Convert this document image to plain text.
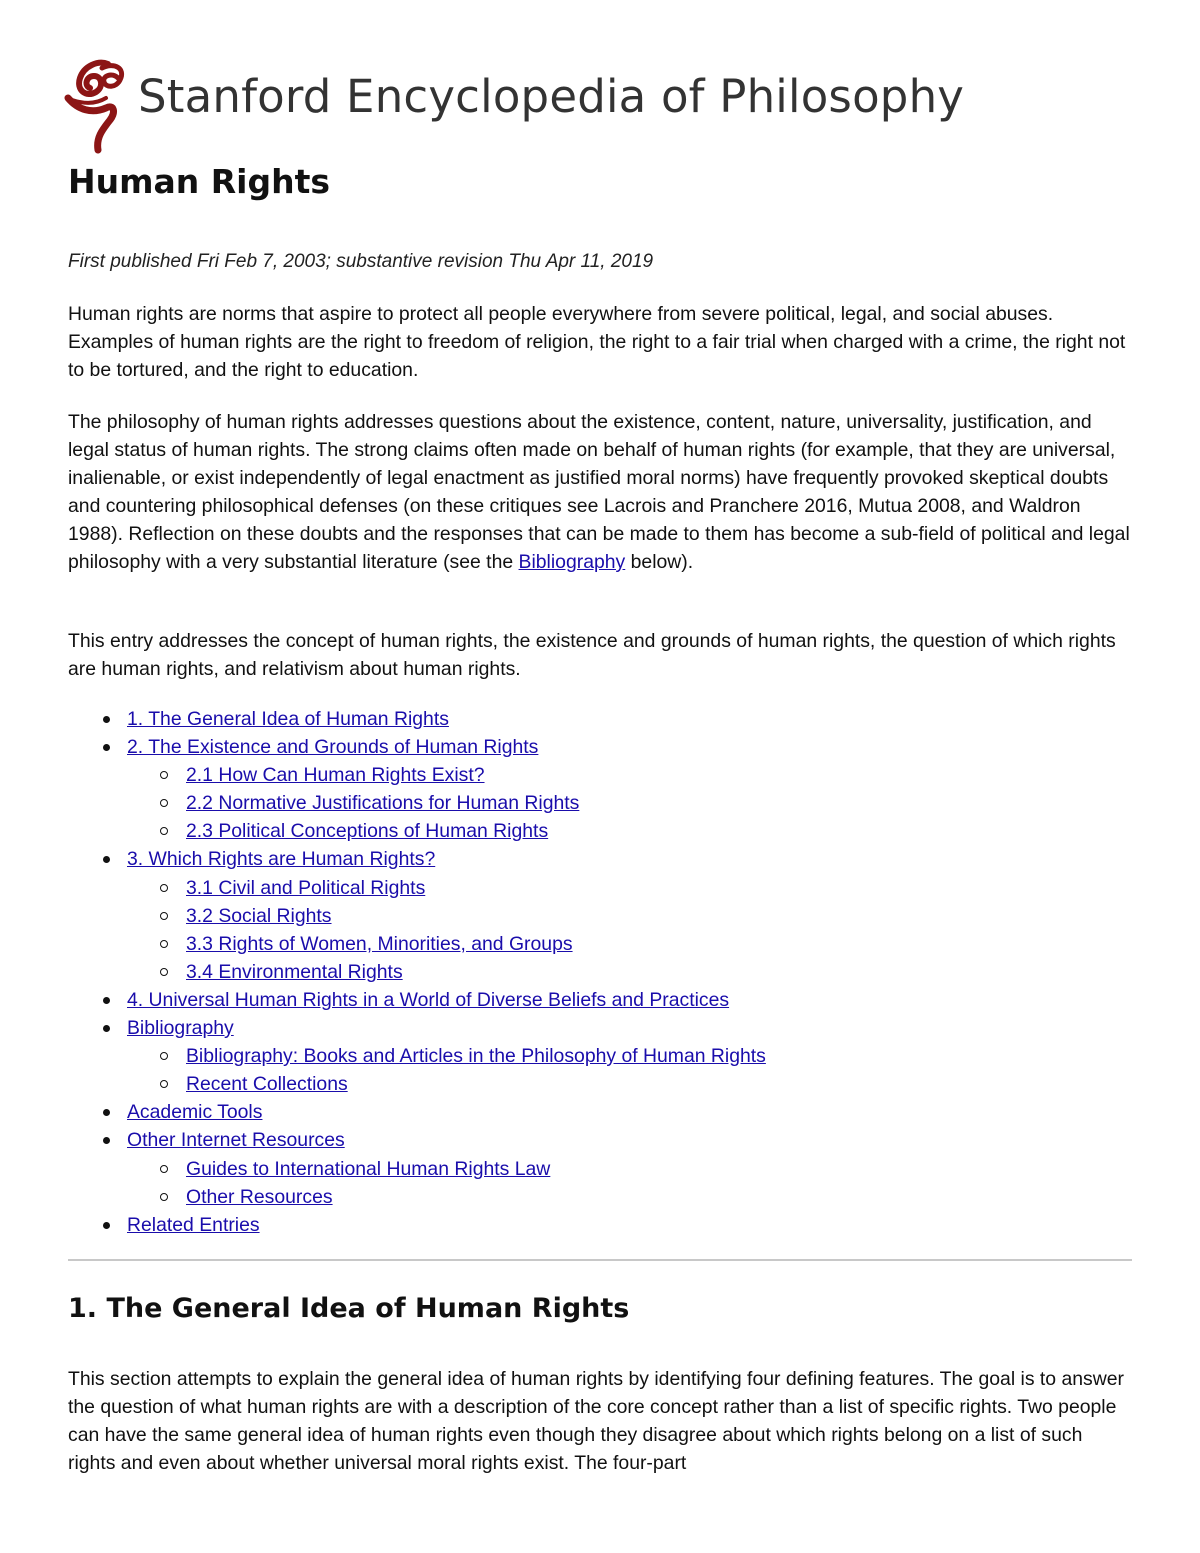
Stanford Encyclopedia of Philosophy
Human Rights

First published Fri Feb 7, 2003; substantive revision Thu Apr 11, 2019

Human rights are norms that aspire to protect all people everywhere from severe political, legal, and social abuses. Examples of human rights are the right to freedom of religion, the right to a fair trial when charged with a crime, the right not to be tortured, and the right to education.

The philosophy of human rights addresses questions about the existence, content, nature, universality, justification, and legal status of human rights. The strong claims often made on behalf of human rights (for example, that they are universal, inalienable, or exist independently of legal enactment as justified moral norms) have frequently provoked skeptical doubts and countering philosophical defenses (on these critiques see Lacrois and Pranchere 2016, Mutua 2008, and Waldron 1988). Reflection on these doubts and the responses that can be made to them has become a sub-field of political and legal philosophy with a very substantial literature (see the Bibliography below).

This entry addresses the concept of human rights, the existence and grounds of human rights, the question of which rights are human rights, and relativism about human rights.

1. The General Idea of Human Rights
2. The Existence and Grounds of Human Rights
2.1 How Can Human Rights Exist?
2.2 Normative Justifications for Human Rights
2.3 Political Conceptions of Human Rights
3. Which Rights are Human Rights?
3.1 Civil and Political Rights
3.2 Social Rights
3.3 Rights of Women, Minorities, and Groups
3.4 Environmental Rights
4. Universal Human Rights in a World of Diverse Beliefs and Practices
Bibliography
Bibliography: Books and Articles in the Philosophy of Human Rights
Recent Collections
Academic Tools
Other Internet Resources
Guides to International Human Rights Law
Other Resources
Related Entries
1. The General Idea of Human Rights

This section attempts to explain the general idea of human rights by identifying four defining features. The goal is to answer the question of what human rights are with a description of the core concept rather than a list of specific rights. Two people can have the same general idea of human rights even though they disagree about which rights belong on a list of such rights and even about whether universal moral rights exist. The four-part
